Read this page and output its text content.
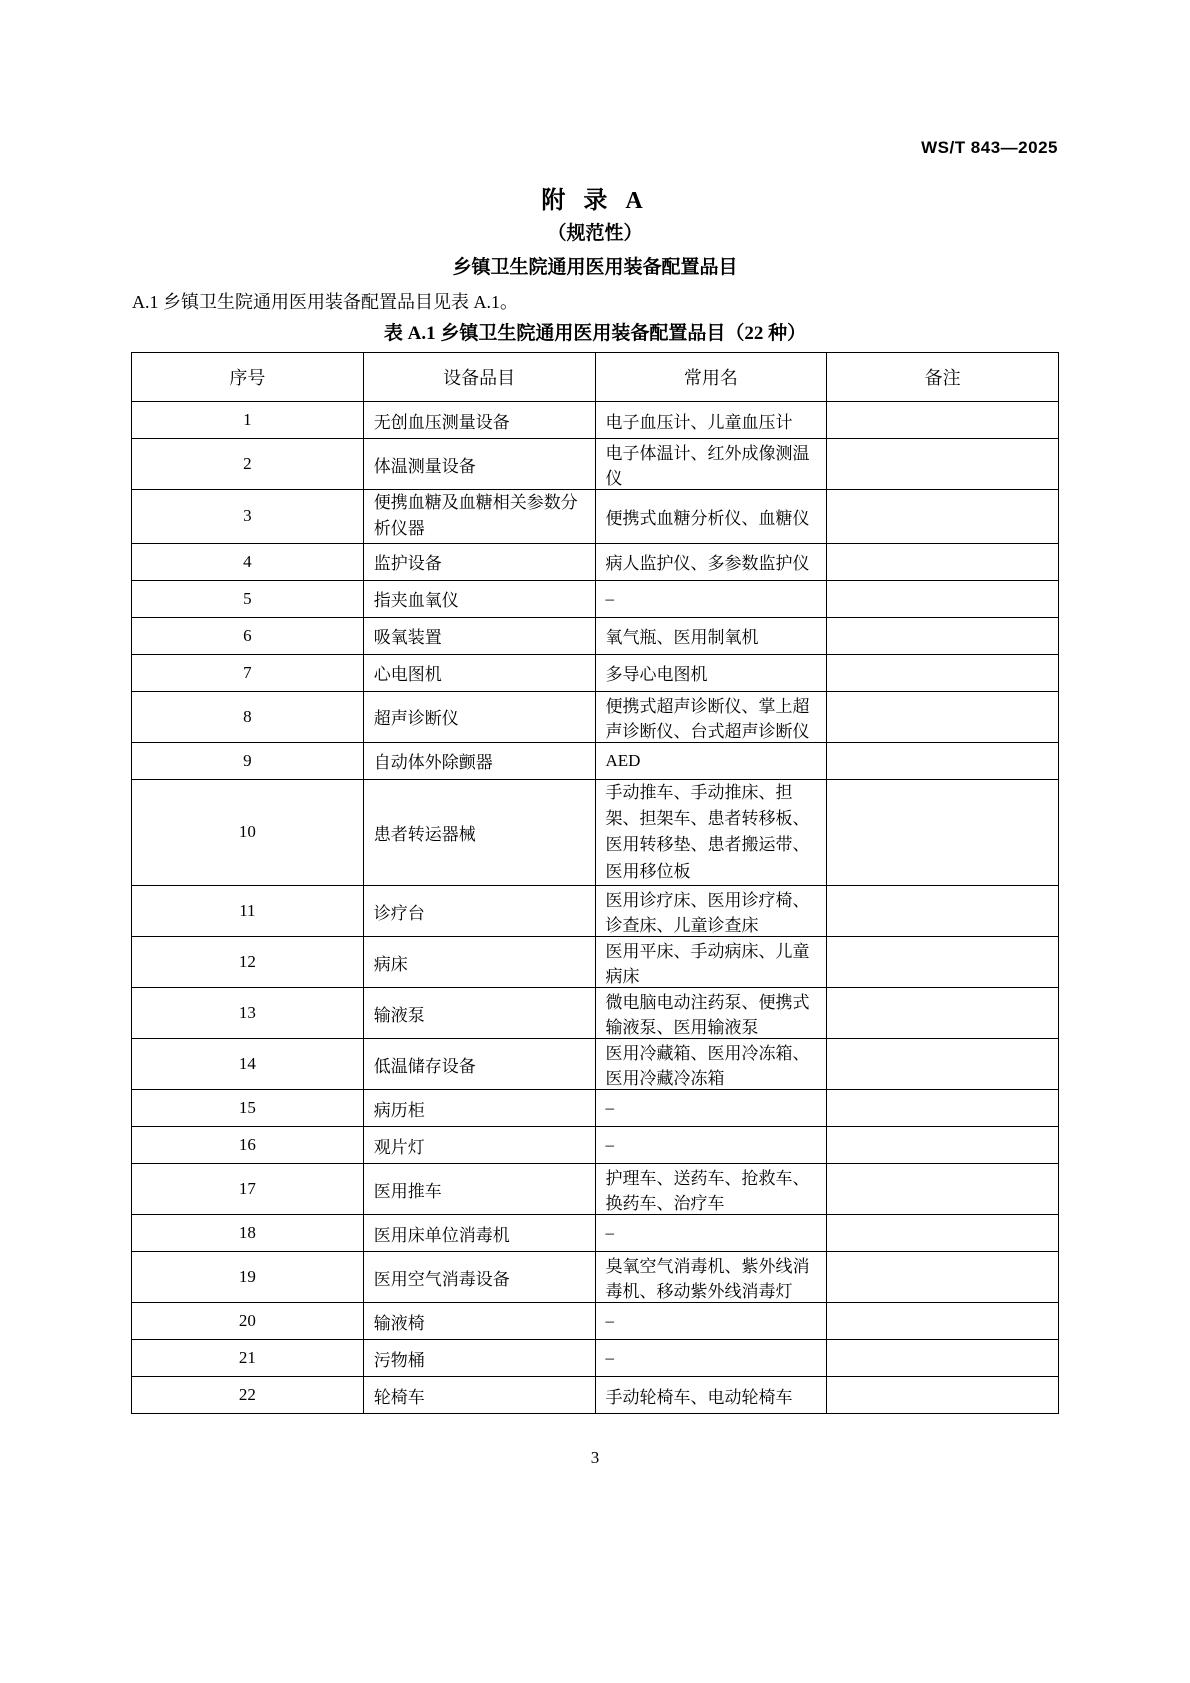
WS/T 843—2025
附 录 A
（规范性）
乡镇卫生院通用医用装备配置品目
A.1 乡镇卫生院通用医用装备配置品目见表 A.1。
表 A.1 乡镇卫生院通用医用装备配置品目（22 种）
序号	设备品目	常用名	备注
1	无创血压测量设备	电子血压计、儿童血压计	
2	体温测量设备	电子体温计、红外成像测温仪	
3	便携血糖及血糖相关参数分析仪器	便携式血糖分析仪、血糖仪	
4	监护设备	病人监护仪、多参数监护仪	
5	指夹血氧仪	–	
6	吸氧装置	氧气瓶、医用制氧机	
7	心电图机	多导心电图机	
8	超声诊断仪	便携式超声诊断仪、掌上超声诊断仪、台式超声诊断仪	
9	自动体外除颤器	AED	
10	患者转运器械	手动推车、手动推床、担架、担架车、患者转移板、医用转移垫、患者搬运带、医用移位板	
11	诊疗台	医用诊疗床、医用诊疗椅、诊查床、儿童诊查床	
12	病床	医用平床、手动病床、儿童病床	
13	输液泵	微电脑电动注药泵、便携式输液泵、医用输液泵	
14	低温储存设备	医用冷藏箱、医用冷冻箱、医用冷藏冷冻箱	
15	病历柜	–	
16	观片灯	–	
17	医用推车	护理车、送药车、抢救车、换药车、治疗车	
18	医用床单位消毒机	–	
19	医用空气消毒设备	臭氧空气消毒机、紫外线消毒机、移动紫外线消毒灯	
20	输液椅	–	
21	污物桶	–	
22	轮椅车	手动轮椅车、电动轮椅车	
3
